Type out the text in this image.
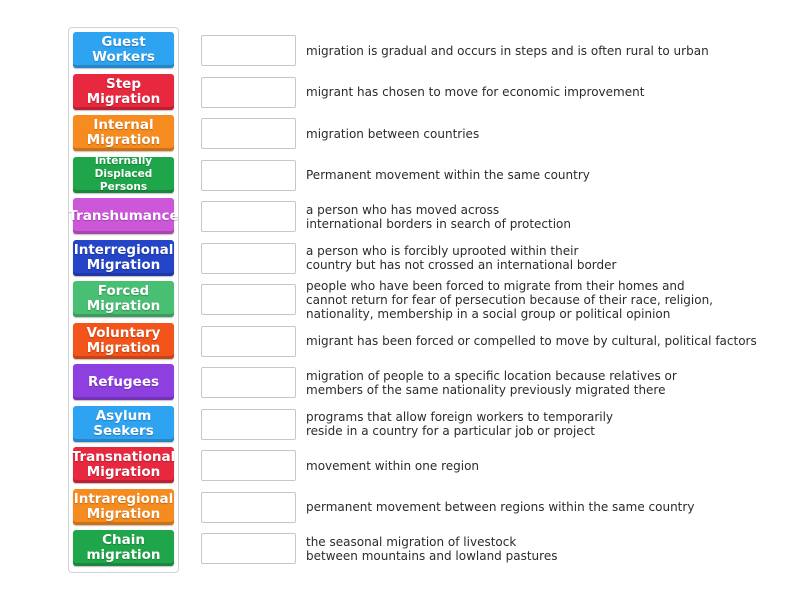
Guest
Workers
Step
Migration
Internal
Migration
Internally
Displaced Persons
Transhumance
Interregional
Migration
Forced
Migration
Voluntary
Migration
Refugees
Asylum
Seekers
Transnational
Migration
Intraregional
Migration
Chain
migration
migration is gradual and occurs in steps and is often rural to urban
migrant has chosen to move for economic improvement
migration between countries
Permanent movement within the same country
a person who has moved across
international borders in search of protection
a person who is forcibly uprooted within their
country but has not crossed an international border
people who have been forced to migrate from their homes and
cannot return for fear of persecution because of their race, religion,
nationality, membership in a social group or political opinion
migrant has been forced or compelled to move by cultural, political factors
migration of people to a specific location because relatives or
members of the same nationality previously migrated there
programs that allow foreign workers to temporarily
reside in a country for a particular job or project
movement within one region
permanent movement between regions within the same country
the seasonal migration of livestock
between mountains and lowland pastures
